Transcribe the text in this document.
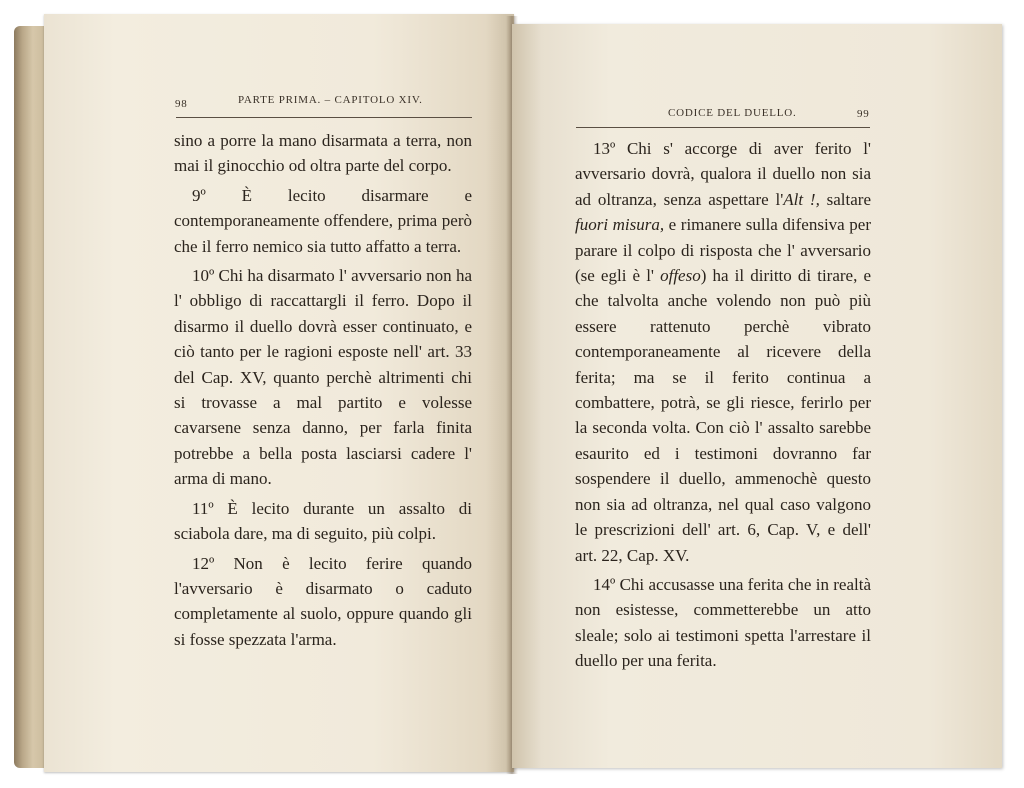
98	PARTE PRIMA. – CAPITOLO XIV.

sino a porre la mano disarmata a terra, non mai il ginocchio od oltra parte del corpo.

9º È lecito disarmare e contemporaneamente offendere, prima però che il ferro nemico sia tutto affatto a terra.

10º Chi ha disarmato l' avversario non ha l' obbligo di raccattargli il ferro. Dopo il disarmo il duello dovrà esser continuato, e ciò tanto per le ragioni esposte nell' art. 33 del Cap. XV, quanto perchè altrimenti chi si trovasse a mal partito e volesse cavarsene senza danno, per farla finita potrebbe a bella posta lasciarsi cadere l' arma di mano.

11º È lecito durante un assalto di sciabola dare, ma di seguito, più colpi.

12º Non è lecito ferire quando l'avversario è disarmato o caduto completamente al suolo, oppure quando gli si fosse spezzata l'arma.

CODICE DEL DUELLO.	99

13º Chi s' accorge di aver ferito l' avversario dovrà, qualora il duello non sia ad oltranza, senza aspettare l'Alt !, saltare fuori misura, e rimanere sulla difensiva per parare il colpo di risposta che l' avversario (se egli è l' offeso) ha il diritto di tirare, e che talvolta anche volendo non può più essere rattenuto perchè vibrato contemporaneamente al ricevere della ferita; ma se il ferito continua a combattere, potrà, se gli riesce, ferirlo per la seconda volta. Con ciò l' assalto sarebbe esaurito ed i testimoni dovranno far sospendere il duello, ammenochè questo non sia ad oltranza, nel qual caso valgono le prescrizioni dell' art. 6, Cap. V, e dell' art. 22, Cap. XV.

14º Chi accusasse una ferita che in realtà non esistesse, commetterebbe un atto sleale; solo ai testimoni spetta l'arrestare il duello per una ferita.
